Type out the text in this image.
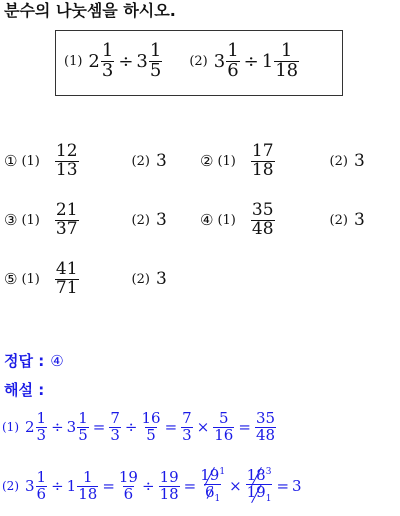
분수의 나눗셈을 하시오.
(1) $2 \frac{1}{3} \div 3 \frac{1}{5} (2)$ $3 \frac{1}{6} \div 1 \frac{1}{18}$
① $(1) \frac{12}{13}$	(2) 3 ② $(1) \frac{17}{18}$	(2) 3
③ $(1) \frac{21}{37}$	(2) 3 ④ $(1) \frac{35}{48}$	(2) 3
⑤ $(1) \frac{41}{71}$	(2) 3
정답 : ④
해설 :
(1) $2 \frac{1}{3} \div 3 \frac{1}{5} = \frac{7}{3} \div \frac{16}{5} = \frac{7}{3} \times \frac{5}{16} = \frac{35}{48}$
(2) $3 \frac{1}{6} \div 1 \frac{1}{18} = \frac{19}{6} \div \frac{19}{18} = \frac{19^1}{6_1} \times \frac{18^3}{19_1} = 3$
